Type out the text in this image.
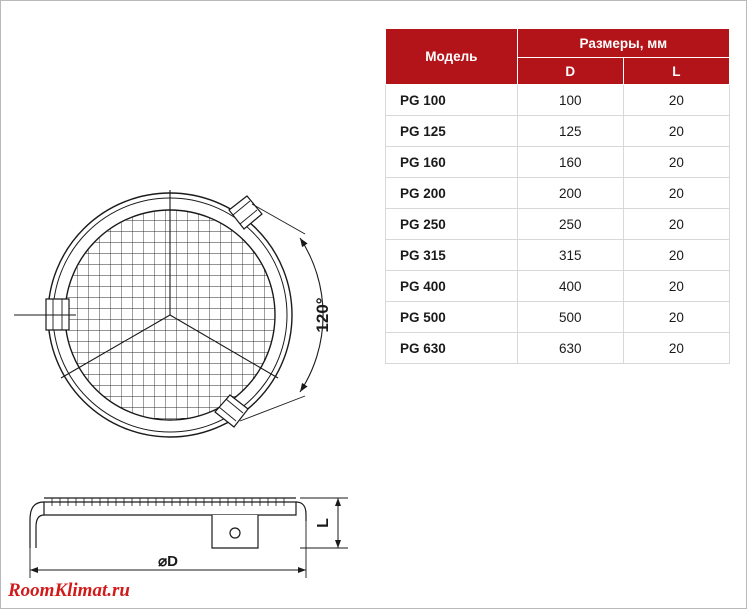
120°
⌀D
L
RoomKlimat.ru
Модель	Размеры, мм	
	D	L
PG 100	100	20
PG 125	125	20
PG 160	160	20
PG 200	200	20
PG 250	250	20
PG 315	315	20
PG 400	400	20
PG 500	500	20
PG 630	630	20
